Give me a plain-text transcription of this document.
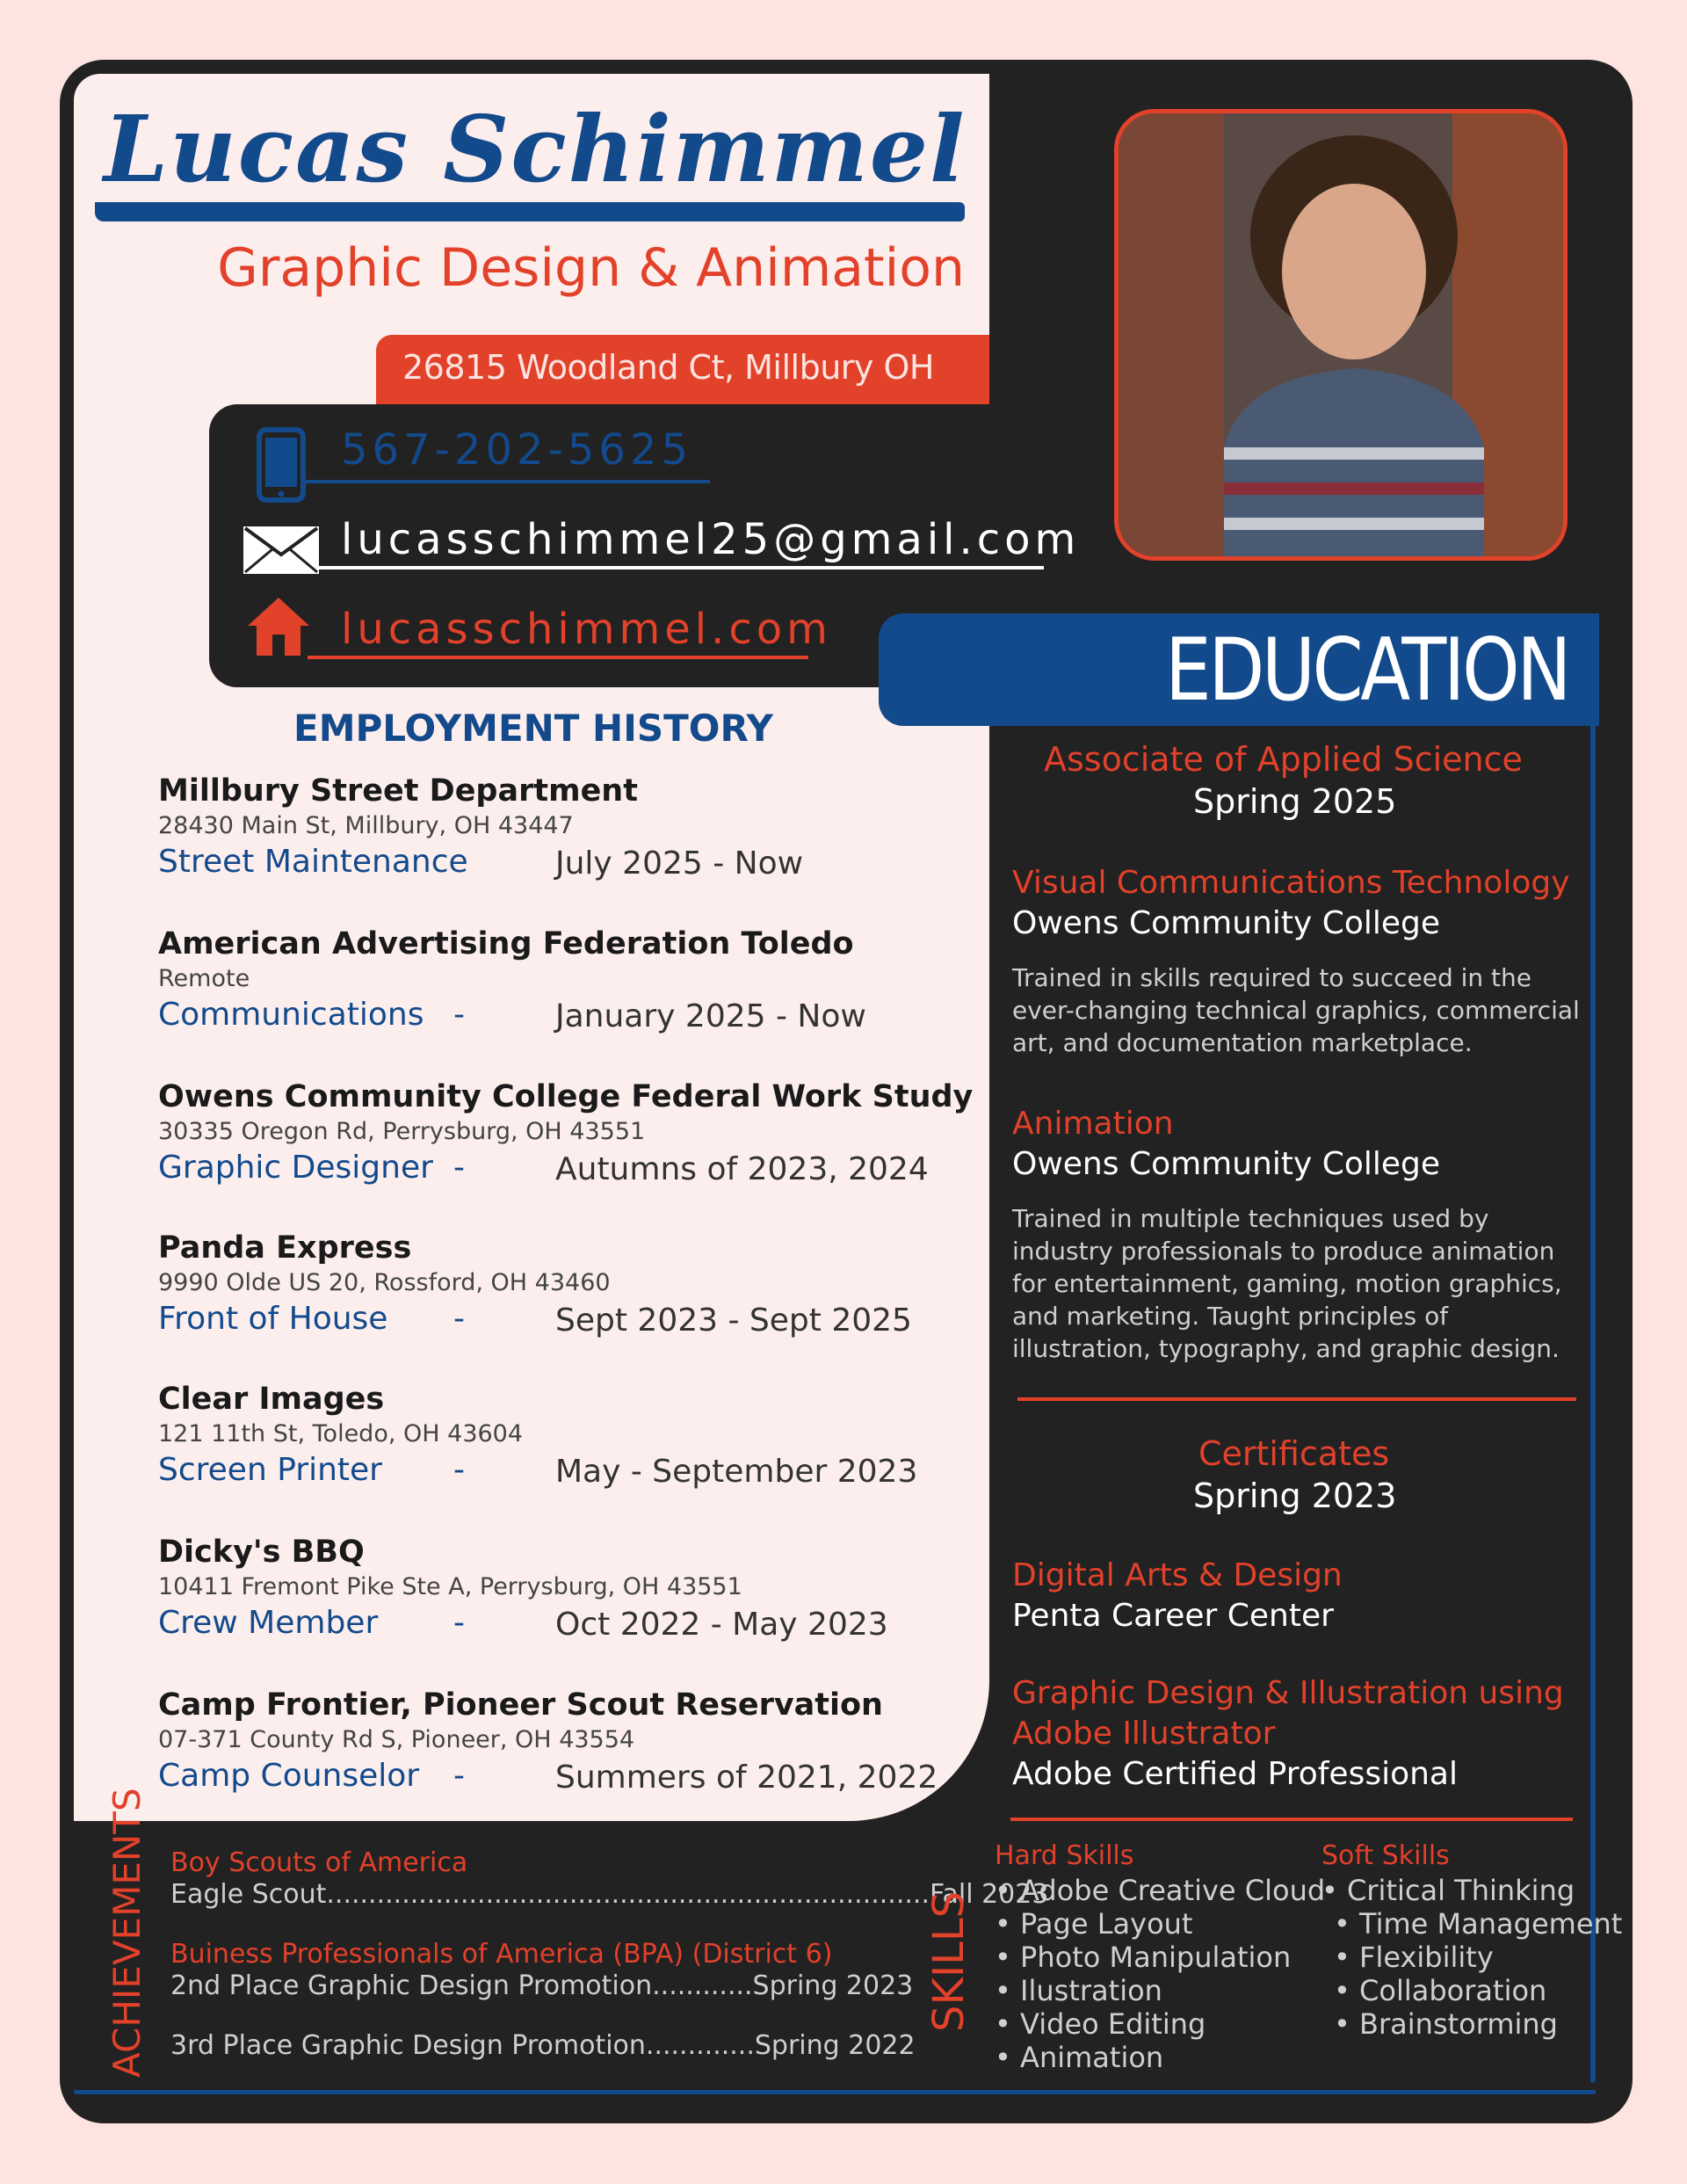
Lucas Schimmel
Graphic Design & Animation
26815 Woodland Ct, Millbury OH
567-202-5625
lucasschimmel25@gmail.com
lucasschimmel.com	EDUCATION
EMPLOYMENT HISTORY
Millbury Street Department
28430 Main St, Millbury, OH 43447
Street Maintenance	July 2025 - Now
American Advertising Federation Toledo
Remote
Communications -	January 2025 - Now
Owens Community College Federal Work Study
30335 Oregon Rd, Perrysburg, OH 43551
Graphic Designer -	Autumns of 2023, 2024
Panda Express
9990 Olde US 20, Rossford, OH 43460
Front of House -	Sept 2023 - Sept 2025
Clear Images
121 11th St, Toledo, OH 43604
Screen Printer -	May - September 2023
Dicky's BBQ
10411 Fremont Pike Ste A, Perrysburg, OH 43551
Crew Member -	Oct 2022 - May 2023
Camp Frontier, Pioneer Scout Reservation
07-371 County Rd S, Pioneer, OH 43554
Camp Counselor -	Summers of 2021, 2022
Associate of Applied Science
Spring 2025
Visual Communications Technology
Owens Community College
Trained in skills required to succeed in the ever-changing technical graphics, commercial art, and documentation marketplace.
Animation
Owens Community College
Trained in multiple techniques used by industry professionals to produce animation for entertainment, gaming, motion graphics, and marketing. Taught principles of illustration, typography, and graphic design.
Certificates
Spring 2023
Digital Arts & Design
Penta Career Center
Graphic Design & Illustration using
Adobe Illustrator
Adobe Certified Professional
ACHIEVEMENTS Boy Scouts of America
Eagle Scout........................................................................Fall 2023
Buiness Professionals of America (BPA) (District 6)
2nd Place Graphic Design Promotion............Spring 2023
3rd Place Graphic Design Promotion.............Spring 2022
SKILLS
Hard Skills
• Adobe Creative Cloud
• Page Layout
• Photo Manipulation
• Ilustration
• Video Editing
• Animation
Soft Skills
• Critical Thinking
• Time Management
• Flexibility
• Collaboration
• Brainstorming
